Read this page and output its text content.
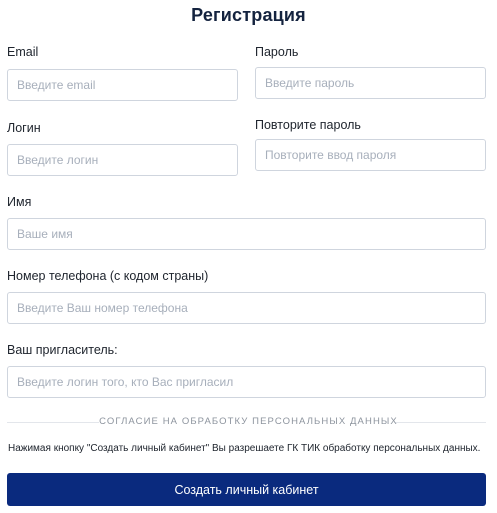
Регистрация
Email
Введите email	Пароль
Логин
Введите логин	Повторите пароль
Имя
Ваше имя
Номер телефона (с кодом страны)
Введите Ваш номер телефона
Ваш пригласитель:
Введите логин того, кто Вас пригласил
СОГЛАСИЕ НА ОБРАБОТКУ ПЕРСОНАЛЬНЫХ ДАННЫХ
Нажимая кнопку "Создать личный кабинет" Вы разрешаете ГК ТИК обработку персональных данных.
Создать личный кабинет
